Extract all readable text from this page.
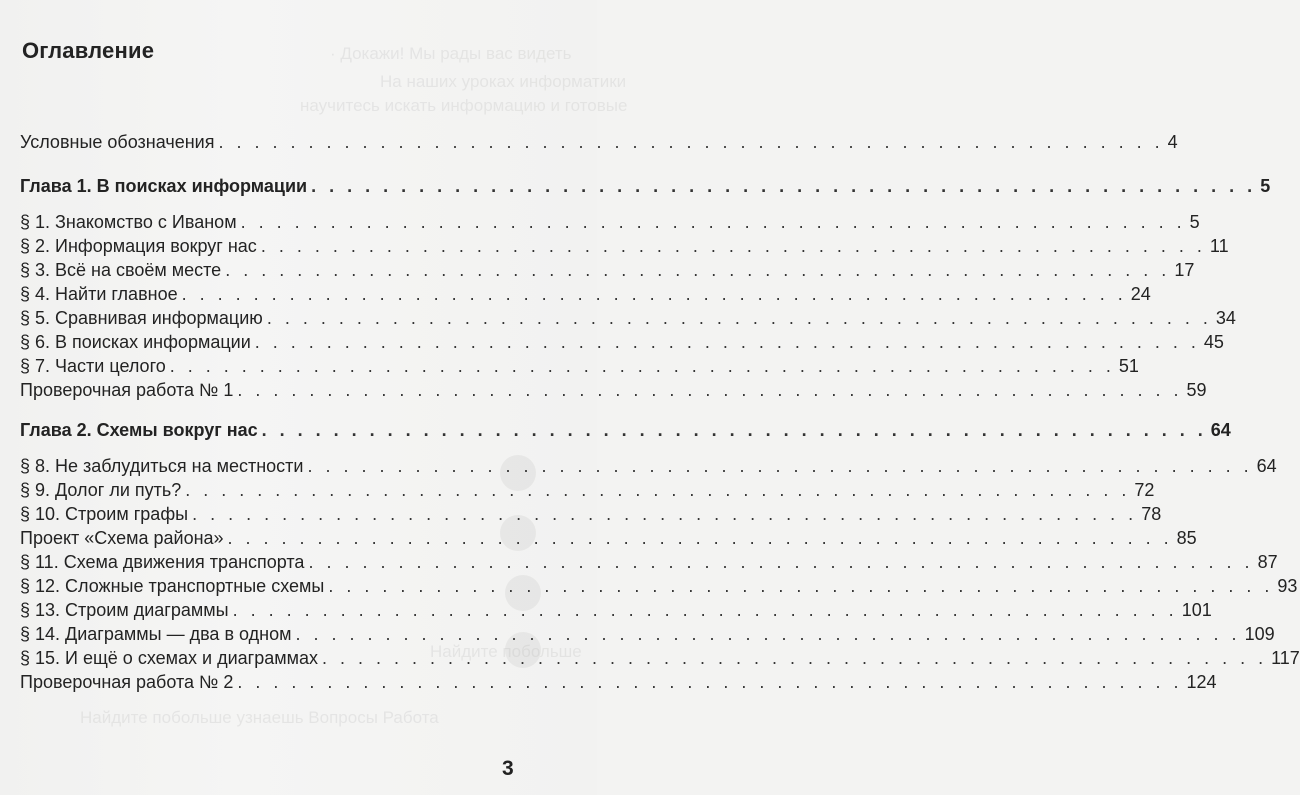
· Докажи! Мы рады вас видеть
На наших уроках информатики
научитесь искать информацию и готовые
Найдите побольше
Найдите побольше узнаешь Вопросы Работа
Оглавление
Условные обозначения . . .	4
Глава 1. В поисках информации . . .	5
§ 1. Знакомство с Иваном . . .	5
§ 2. Информация вокруг нас . . .	11
§ 3. Всё на своём месте . . .	17
§ 4. Найти главное . . .	24
§ 5. Сравнивая информацию . . .	34
§ 6. В поисках информации . . .	45
§ 7. Части целого . . .	51
Проверочная работа № 1 . . .	59
Глава 2. Схемы вокруг нас . . .	64
§ 8. Не заблудиться на местности . . .	64
§ 9. Долог ли путь? . . .	72
§ 10. Строим графы . . .	78
Проект «Схема района» . . .	85
§ 11. Схема движения транспорта . . .	87
§ 12. Сложные транспортные схемы . . .	93
§ 13. Строим диаграммы . . .	101
§ 14. Диаграммы — два в одном . . .	109
§ 15. И ещё о схемах и диаграммах . . .	117
Проверочная работа № 2 . . .	124
3
